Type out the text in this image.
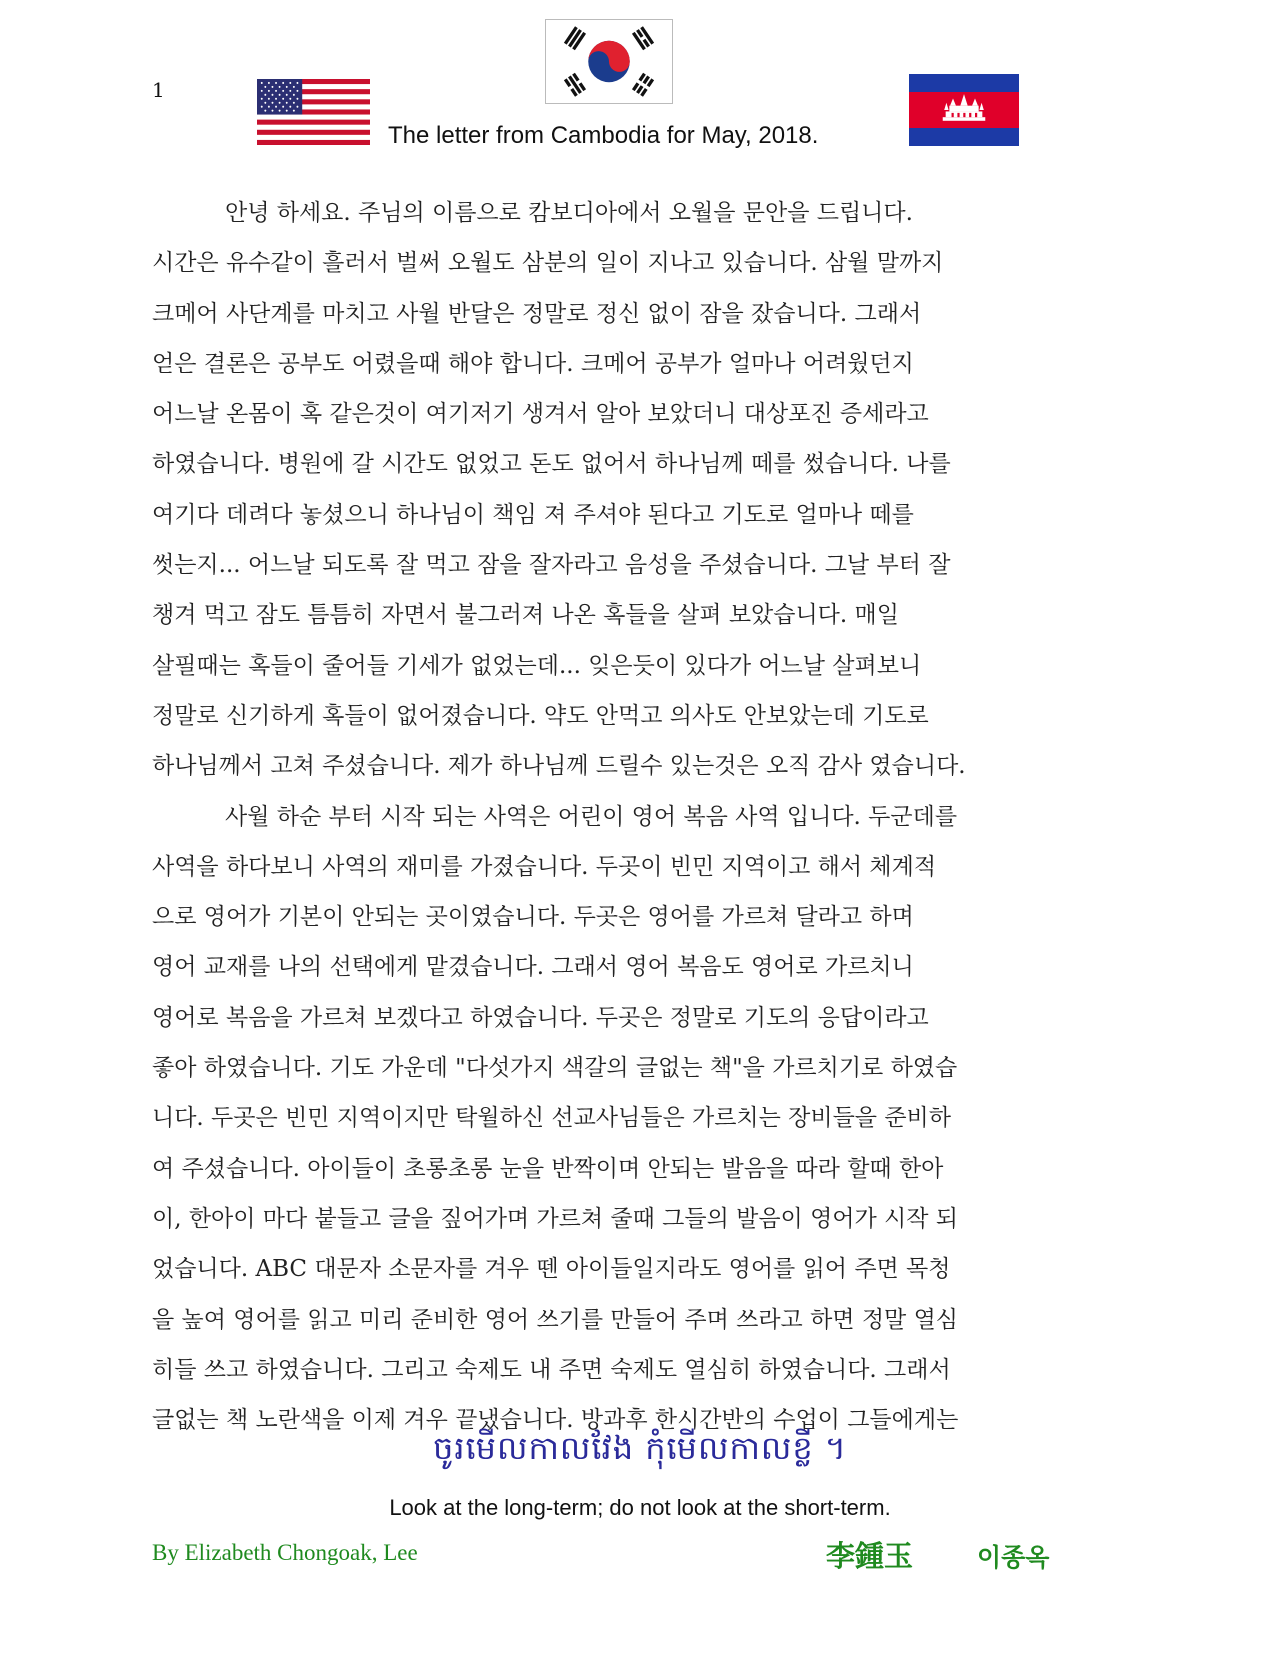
1
The letter from Cambodia for May, 2018.
안녕 하세요. 주님의 이름으로 캄보디아에서 오월을 문안을 드립니다.
시간은 유수같이 흘러서 벌써 오월도 삼분의 일이 지나고 있습니다. 삼월 말까지
크메어 사단계를 마치고 사월 반달은 정말로 정신 없이 잠을 잤습니다. 그래서
얻은 결론은 공부도 어렸을때 해야 합니다. 크메어 공부가 얼마나 어려웠던지
어느날 온몸이 혹 같은것이 여기저기 생겨서 알아 보았더니 대상포진 증세라고
하였습니다. 병원에 갈 시간도 없었고 돈도 없어서 하나님께 떼를 썼습니다. 나를
여기다 데려다 놓셨으니 하나님이 책임 져 주셔야 된다고 기도로 얼마나 떼를
썻는지... 어느날 되도록 잘 먹고 잠을 잘자라고 음성을 주셨습니다. 그날 부터 잘
챙겨 먹고 잠도 틈틈히 자면서 불그러져 나온 혹들을 살펴 보았습니다. 매일
살필때는 혹들이 줄어들 기세가 없었는데... 잊은듯이 있다가 어느날 살펴보니
정말로 신기하게 혹들이 없어졌습니다. 약도 안먹고 의사도 안보았는데 기도로
하나님께서 고쳐 주셨습니다. 제가 하나님께 드릴수 있는것은 오직 감사 였습니다.
사월 하순 부터 시작 되는 사역은 어린이 영어 복음 사역 입니다. 두군데를
사역을 하다보니 사역의 재미를 가졌습니다. 두곳이 빈민 지역이고 해서 체계적
으로 영어가 기본이 안되는 곳이였습니다. 두곳은 영어를 가르쳐 달라고 하며
영어 교재를 나의 선택에게 맡겼습니다. 그래서 영어 복음도 영어로 가르치니
영어로 복음을 가르쳐 보겠다고 하였습니다. 두곳은 정말로 기도의 응답이라고
좋아 하였습니다. 기도 가운데 "다섯가지 색갈의 글없는 책"을 가르치기로 하였습
니다. 두곳은 빈민 지역이지만 탁월하신 선교사님들은 가르치는 장비들을 준비하
여 주셨습니다. 아이들이 초롱초롱 눈을 반짝이며 안되는 발음을 따라 할때 한아
이, 한아이 마다 붙들고 글을 짚어가며 가르쳐 줄때 그들의 발음이 영어가 시작 되
었습니다. ABC 대문자 소문자를 겨우 뗀 아이들일지라도 영어를 읽어 주면 목청
을 높여 영어를 읽고 미리 준비한 영어 쓰기를 만들어 주며 쓰라고 하면 정말 열심
히들 쓰고 하였습니다. 그리고 숙제도 내 주면 숙제도 열심히 하였습니다. 그래서
글없는 책 노란색을 이제 겨우 끝냈습니다. 방과후 한시간반의 수업이 그들에게는
ចូរមើលកាលវែង កុំមើលកាលខ្លី ។
Look at the long-term; do not look at the short-term.
By Elizabeth Chongoak, Lee	李鍾玉	이종옥
